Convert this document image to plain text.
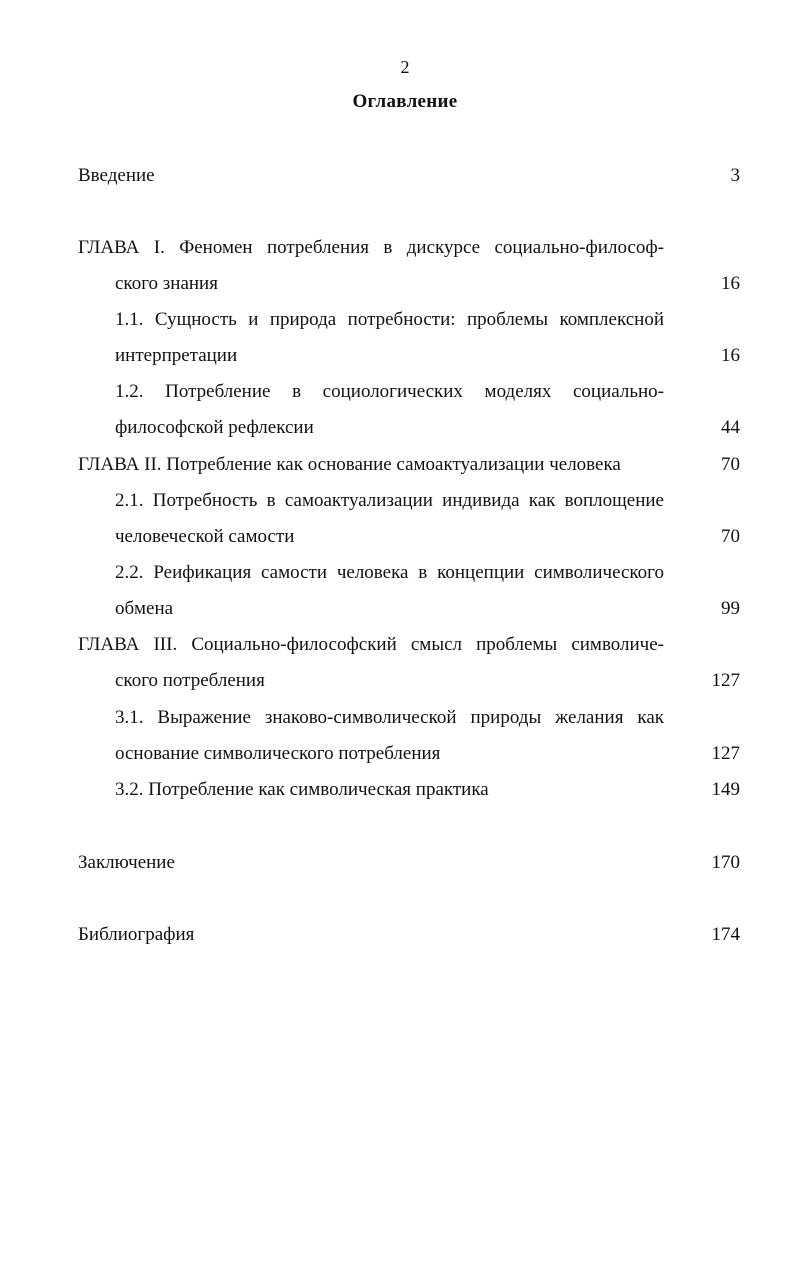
2
Оглавление
Введение	3
ГЛАВА I. Феномен потребления в дискурсе социально-философ-
ского знания	16
1.1. Сущность и природа потребности: проблемы комплексной
интерпретации	16
1.2. Потребление в социологических моделях социально-
философской рефлексии	44
ГЛАВА II. Потребление как основание самоактуализации человека	70
2.1. Потребность в самоактуализации индивида как воплощение
человеческой самости	70
2.2. Реификация самости человека в концепции символического
обмена	99
ГЛАВА III. Социально-философский смысл проблемы символиче-
ского потребления	127
3.1. Выражение знаково-символической природы желания как
основание символического потребления	127
3.2. Потребление как символическая практика	149
Заключение	170
Библиография	174
